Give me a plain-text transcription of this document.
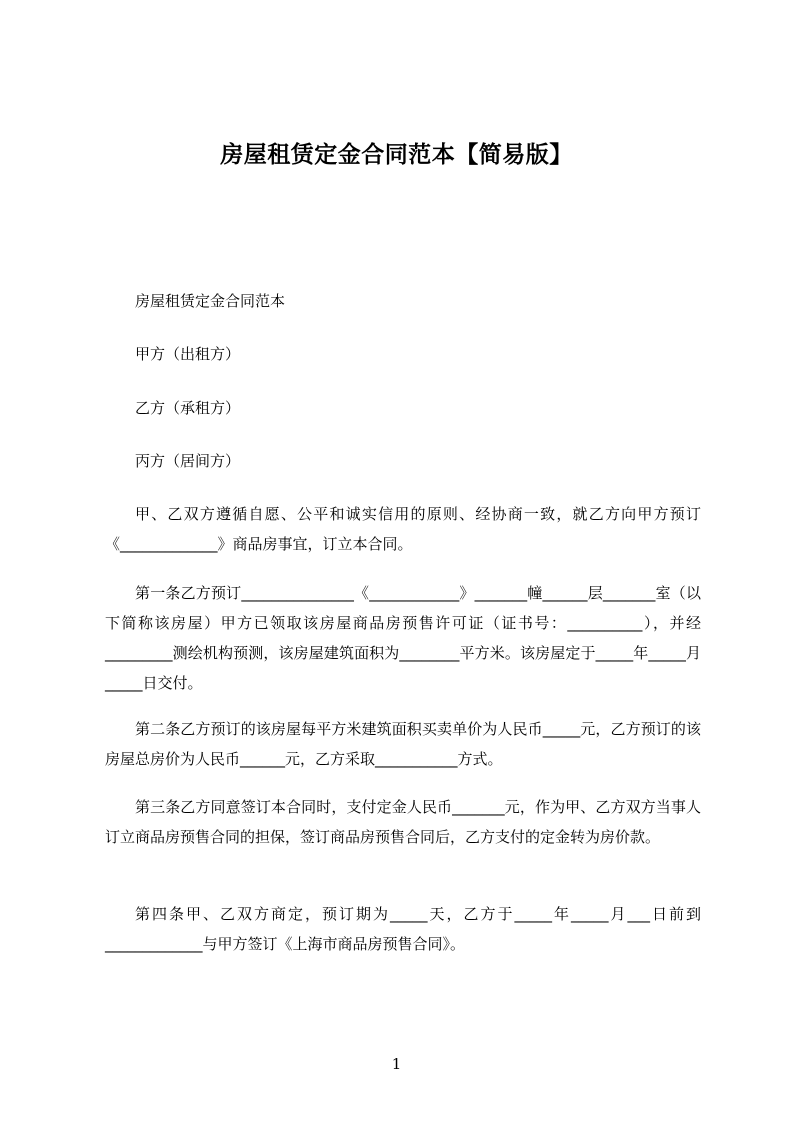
房屋租赁定金合同范本【简易版】
房屋租赁定金合同范本
甲方（出租方）
乙方（承租方）
丙方（居间方）
甲、乙双方遵循自愿、公平和诚实信用的原则、经协商一致，就乙方向甲方预订《_____________》商品房事宜，订立本合同。
第一条乙方预订_______________《____________》_______幢______层_______室（以下简称该房屋）甲方已领取该房屋商品房预售许可证（证书号：__________），并经_________测绘机构预测，该房屋建筑面积为________平方米。该房屋定于_____年_____月_____日交付。
第二条乙方预订的该房屋每平方米建筑面积买卖单价为人民币_____元，乙方预订的该房屋总房价为人民币______元，乙方采取___________方式。
第三条乙方同意签订本合同时，支付定金人民币_______元，作为甲、乙方双方当事人订立商品房预售合同的担保，签订商品房预售合同后，乙方支付的定金转为房价款。
第四条甲、乙双方商定，预订期为_____天，乙方于_____年_____月___日前到_____________与甲方签订《上海市商品房预售合同》。
1
